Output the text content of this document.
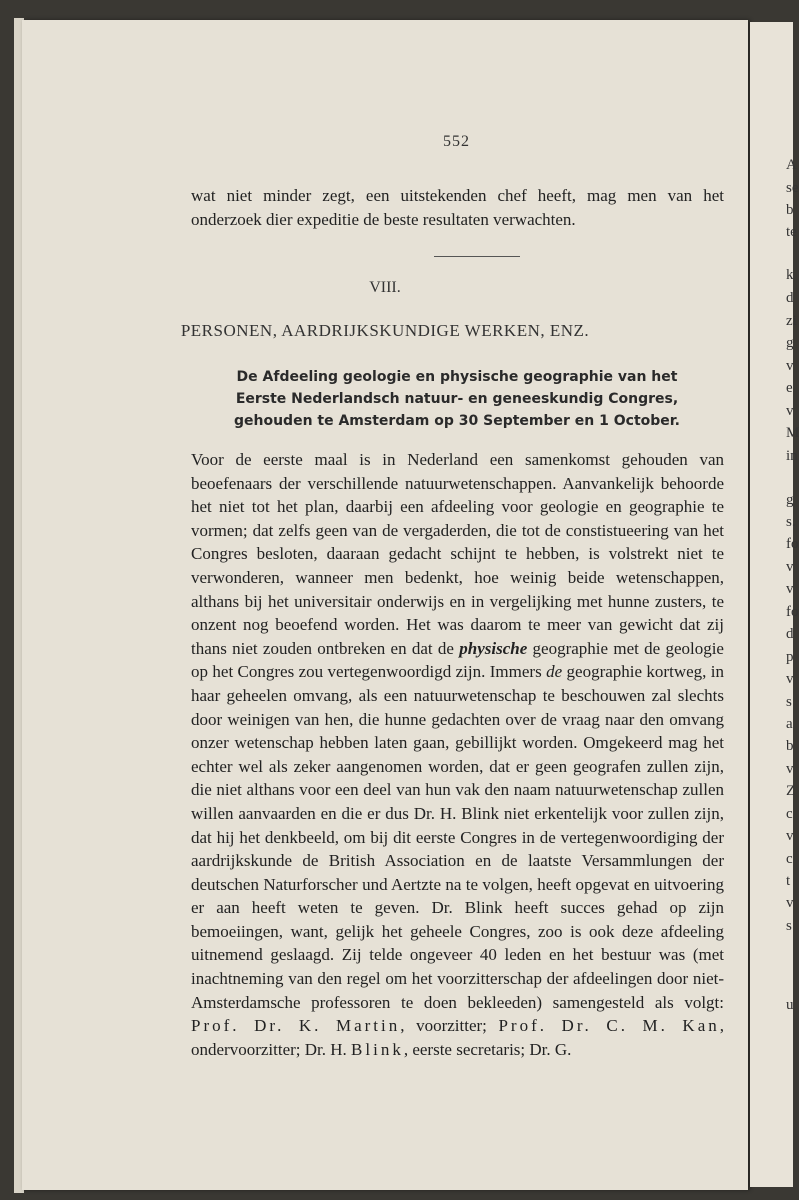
552

wat niet minder zegt, een uitstekenden chef heeft, mag men van het onderzoek dier expeditie de beste resultaten verwachten.

VIII.
PERSONEN, AARDRIJKSKUNDIGE WERKEN, ENZ.
De Afdeeling geologie en physische geographie van het Eerste Nederlandsch natuur- en geneeskundig Congres, gehouden te Amsterdam op 30 September en 1 October.

Voor de eerste maal is in Nederland een samenkomst gehouden van beoefenaars der verschillende natuurwetenschappen. Aanvankelijk behoorde het niet tot het plan, daarbij een afdeeling voor geologie en geographie te vormen; dat zelfs geen van de vergaderden, die tot de constistueering van het Congres besloten, daaraan gedacht schijnt te hebben, is volstrekt niet te verwonderen, wanneer men bedenkt, hoe weinig beide wetenschappen, althans bij het universitair onderwijs en in vergelijking met hunne zusters, te onzent nog beoefend worden. Het was daarom te meer van gewicht dat zij thans niet zouden ontbreken en dat de physische geographie met de geologie op het Congres zou vertegenwoordigd zijn. Immers de geographie kortweg, in haar geheelen omvang, als een natuurwetenschap te beschouwen zal slechts door weinigen van hen, die hunne gedachten over de vraag naar den omvang onzer wetenschap hebben laten gaan, gebillijkt worden. Omgekeerd mag het echter wel als zeker aangenomen worden, dat er geen geografen zullen zijn, die niet althans voor een deel van hun vak den naam natuurwetenschap zullen willen aanvaarden en die er dus Dr. H. Blink niet erkentelijk voor zullen zijn, dat hij het denkbeeld, om bij dit eerste Congres in de vertegenwoordiging der aardrijkskunde de British Association en de laatste Versammlungen der deutschen Naturforscher und Aertzte na te volgen, heeft opgevat en uitvoering er aan heeft weten te geven. Dr. Blink heeft succes gehad op zijn bemoeiingen, want, gelijk het geheele Congres, zoo is ook deze afdeeling uitnemend geslaagd. Zij telde ongeveer 40 leden en het bestuur was (met inachtneming van den regel om het voorzitterschap der afdeelingen door niet-Amsterdamsche professoren te doen bekleeden) samengesteld als volgt: Prof. Dr. K. Martin, voorzitter; Prof. Dr. C. M. Kan, ondervoorzitter; Dr. H. Blink, eerste secretaris; Dr. G.

A
se
b
te
k
d
zi
g
v
e
v
M
in
g
s.
fo
v
v
fo
d
p
v
s
a
b
v
Z
c
v
c
t
v
s
u
